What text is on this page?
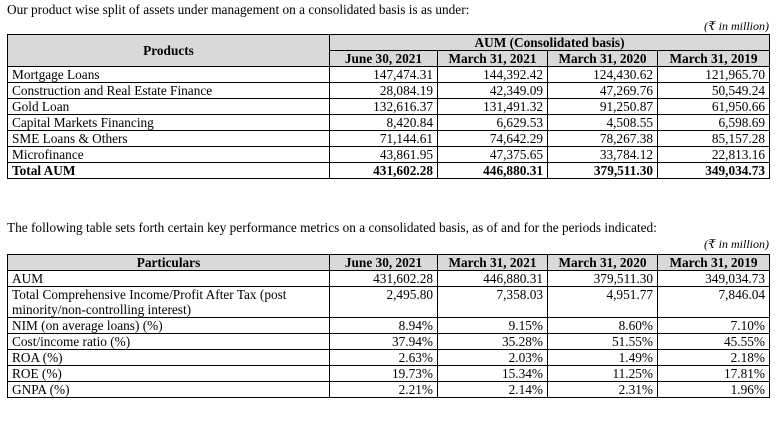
Our product wise split of assets under management on a consolidated basis is as under:
(₹ in million)
Products	AUM (Consolidated basis)			
	June 30, 2021	March 31, 2021	March 31, 2020	March 31, 2019
Mortgage Loans	147,474.31	144,392.42	124,430.62	121,965.70
Construction and Real Estate Finance	28,084.19	42,349.09	47,269.76	50,549.24
Gold Loan	132,616.37	131,491.32	91,250.87	61,950.66
Capital Markets Financing	8,420.84	6,629.53	4,508.55	6,598.69
SME Loans & Others	71,144.61	74,642.29	78,267.38	85,157.28
Microfinance	43,861.95	47,375.65	33,784.12	22,813.16
Total AUM	431,602.28	446,880.31	379,511.30	349,034.73
The following table sets forth certain key performance metrics on a consolidated basis, as of and for the periods indicated:
(₹ in million)
Particulars	June 30, 2021	March 31, 2021	March 31, 2020	March 31, 2019
AUM	431,602.28	446,880.31	379,511.30	349,034.73
Total Comprehensive Income/Profit After Tax (post minority/non-controlling interest)	2,495.80	7,358.03	4,951.77	7,846.04
NIM (on average loans) (%)	8.94%	9.15%	8.60%	7.10%
Cost/income ratio (%)	37.94%	35.28%	51.55%	45.55%
ROA (%)	2.63%	2.03%	1.49%	2.18%
ROE (%)	19.73%	15.34%	11.25%	17.81%
GNPA (%)	2.21%	2.14%	2.31%	1.96%
